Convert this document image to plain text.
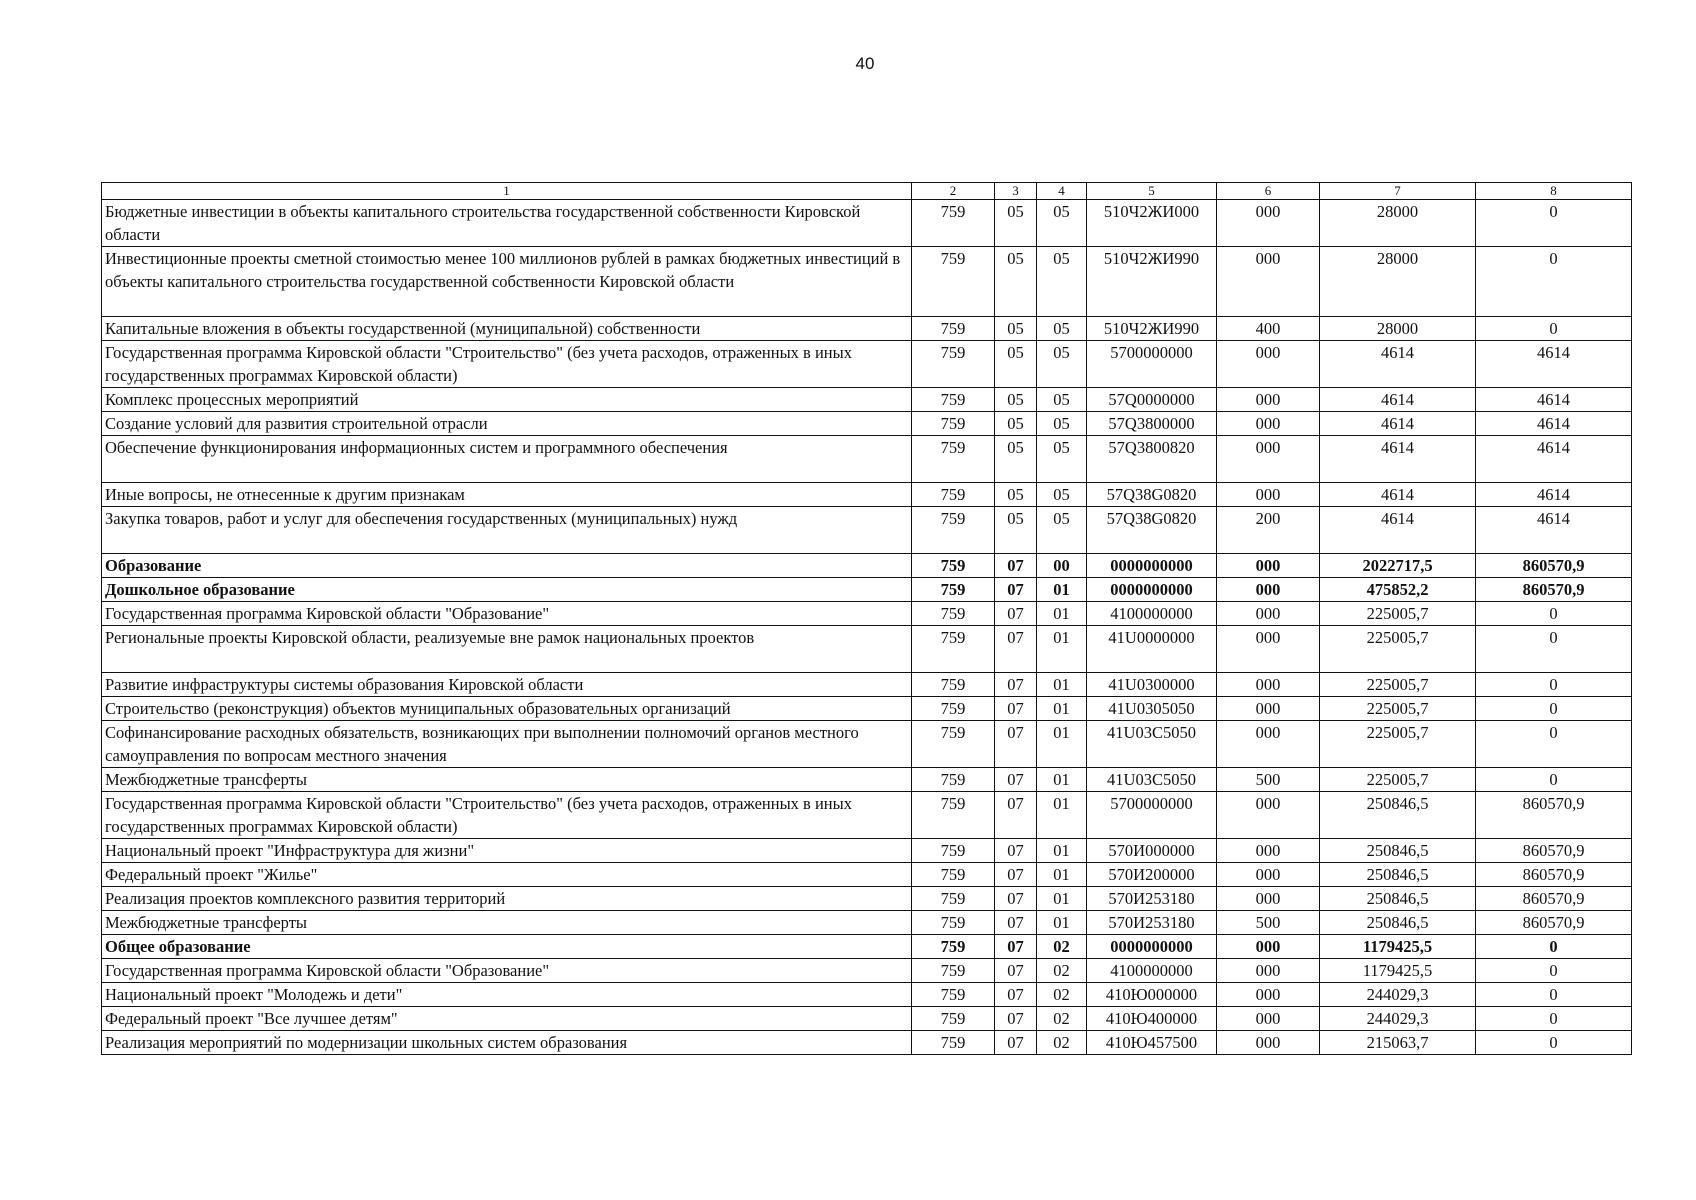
40
1	2	3	4	5	6	7	8
Бюджетные инвестиции в объекты капитального строительства государственной собственности Кировской области	759	05	05	510Ч2ЖИ000	000	28000	0
Инвестиционные проекты сметной стоимостью менее 100 миллионов рублей в рамках бюджетных инвестиций в объекты капитального строительства государственной собственности Кировской области	759	05	05	510Ч2ЖИ990	000	28000	0
Капитальные вложения в объекты государственной (муниципальной) собственности	759	05	05	510Ч2ЖИ990	400	28000	0
Государственная программа Кировской области "Строительство" (без учета расходов, отраженных в иных государственных программах Кировской области)	759	05	05	5700000000	000	4614	4614
Комплекс процессных мероприятий	759	05	05	57Q0000000	000	4614	4614
Создание условий для развития строительной отрасли	759	05	05	57Q3800000	000	4614	4614
Обеспечение функционирования информационных систем и программного обеспечения	759	05	05	57Q3800820	000	4614	4614
Иные вопросы, не отнесенные к другим признакам	759	05	05	57Q38G0820	000	4614	4614
Закупка товаров, работ и услуг для обеспечения государственных (муниципальных) нужд	759	05	05	57Q38G0820	200	4614	4614
Образование	759	07	00	0000000000	000	2022717,5	860570,9
Дошкольное образование	759	07	01	0000000000	000	475852,2	860570,9
Государственная программа Кировской области "Образование"	759	07	01	4100000000	000	225005,7	0
Региональные проекты Кировской области, реализуемые вне рамок национальных проектов	759	07	01	41U0000000	000	225005,7	0
Развитие инфраструктуры системы образования Кировской области	759	07	01	41U0300000	000	225005,7	0
Строительство (реконструкция) объектов муниципальных образовательных организаций	759	07	01	41U0305050	000	225005,7	0
Софинансирование расходных обязательств, возникающих при выполнении полномочий органов местного самоуправления по вопросам местного значения	759	07	01	41U03C5050	000	225005,7	0
Межбюджетные трансферты	759	07	01	41U03C5050	500	225005,7	0
Государственная программа Кировской области "Строительство" (без учета расходов, отраженных в иных государственных программах Кировской области)	759	07	01	5700000000	000	250846,5	860570,9
Национальный проект "Инфраструктура для жизни"	759	07	01	570И000000	000	250846,5	860570,9
Федеральный проект "Жилье"	759	07	01	570И200000	000	250846,5	860570,9
Реализация проектов комплексного развития территорий	759	07	01	570И253180	000	250846,5	860570,9
Межбюджетные трансферты	759	07	01	570И253180	500	250846,5	860570,9
Общее образование	759	07	02	0000000000	000	1179425,5	0
Государственная программа Кировской области "Образование"	759	07	02	4100000000	000	1179425,5	0
Национальный проект "Молодежь и дети"	759	07	02	410Ю000000	000	244029,3	0
Федеральный проект "Все лучшее детям"	759	07	02	410Ю400000	000	244029,3	0
Реализация мероприятий по модернизации школьных систем образования	759	07	02	410Ю457500	000	215063,7	0
